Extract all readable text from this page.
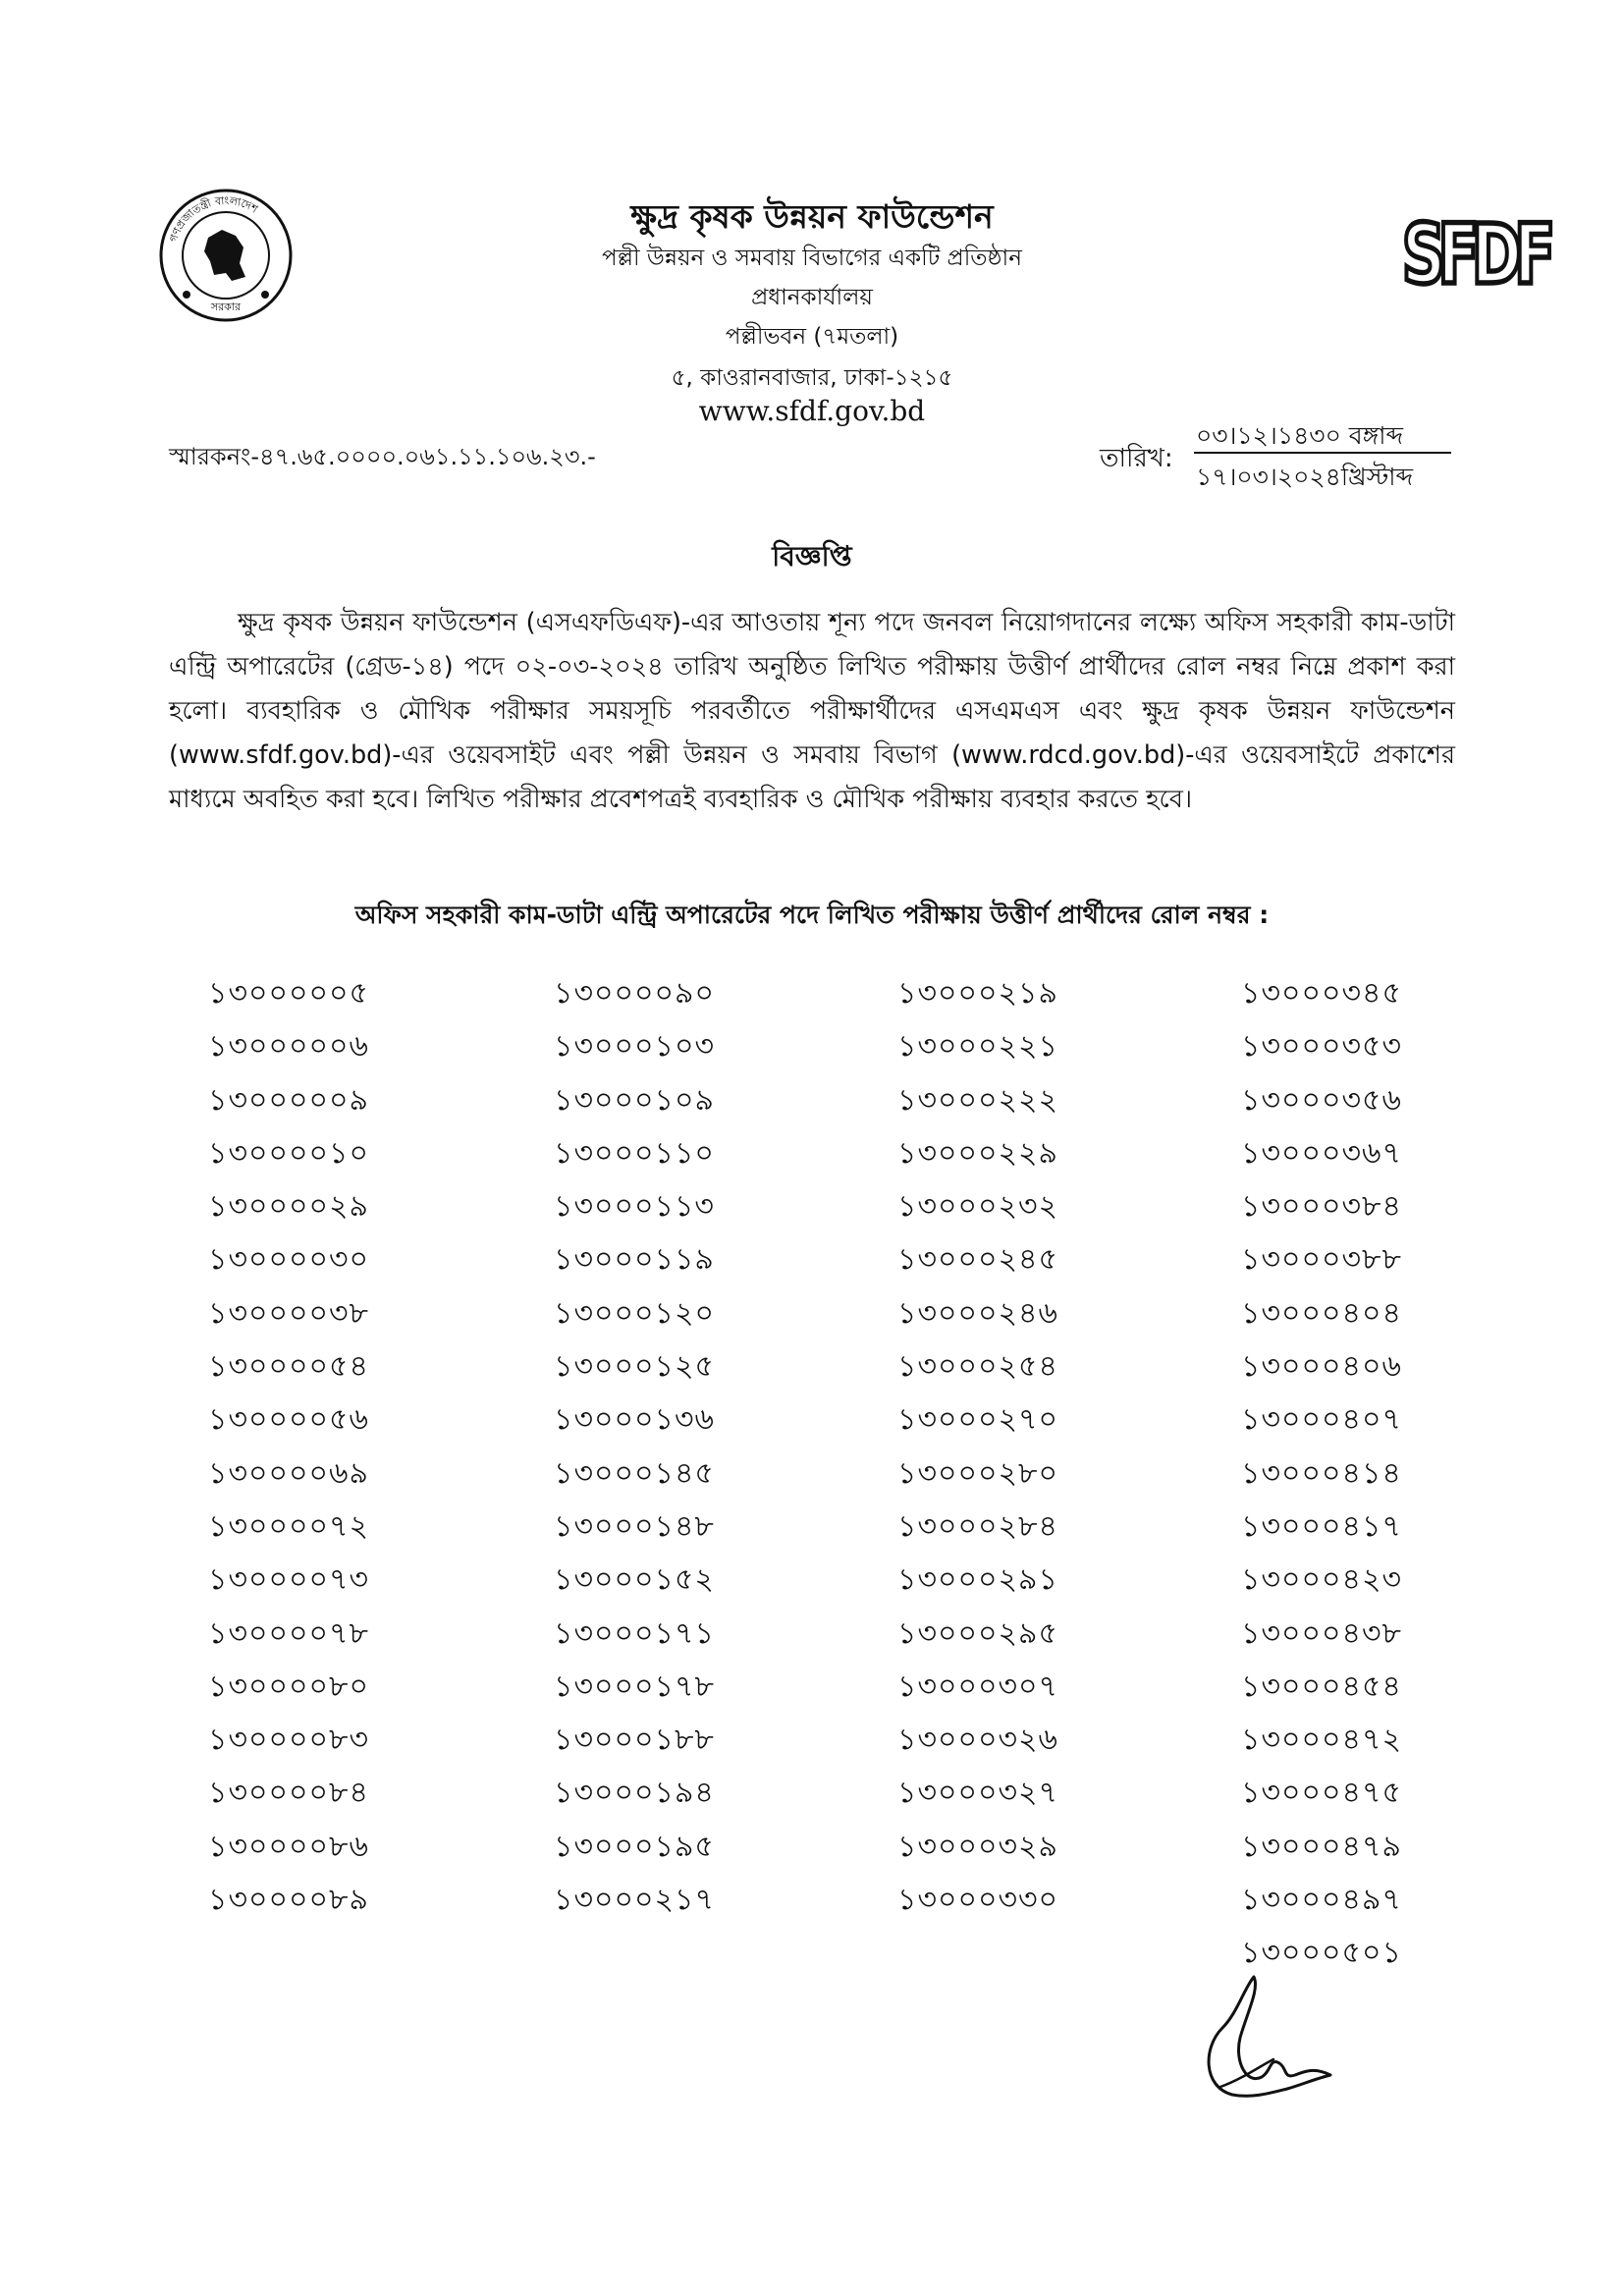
গণপ্রজাতন্ত্রী বাংলাদেশ
সরকার
SFDF
ক্ষুদ্র কৃষক উন্নয়ন ফাউন্ডেশন
পল্লী উন্নয়ন ও সমবায় বিভাগের একটি প্রতিষ্ঠান
প্রধানকার্যালয়
পল্লীভবন (৭মতলা)
৫, কাওরানবাজার, ঢাকা-১২১৫
www.sfdf.gov.bd
স্মারকনং-৪৭.৬৫.০০০০.০৬১.১১.১০৬.২৩.-	তারিখ:
০৩।১২।১৪৩০ বঙ্গাব্দ
১৭।০৩।২০২৪খ্রিস্টাব্দ
বিজ্ঞপ্তি
ক্ষুদ্র কৃষক উন্নয়ন ফাউন্ডেশন (এসএফডিএফ)-এর আওতায় শূন্য পদে জনবল নিয়োগদানের লক্ষ্যে অফিস সহকারী কাম-ডাটা এন্ট্রি অপারেটের (গ্রেড-১৪) পদে ০২-০৩-২০২৪ তারিখ অনুষ্ঠিত লিখিত পরীক্ষায় উত্তীর্ণ প্রার্থীদের রোল নম্বর নিম্নে প্রকাশ করা হলো। ব্যবহারিক ও মৌখিক পরীক্ষার সময়সূচি পরবর্তীতে পরীক্ষার্থীদের এসএমএস এবং ক্ষুদ্র কৃষক উন্নয়ন ফাউন্ডেশন (www.sfdf.gov.bd)-এর ওয়েবসাইট এবং পল্লী উন্নয়ন ও সমবায় বিভাগ (www.rdcd.gov.bd)-এর ওয়েবসাইটে প্রকাশের মাধ্যমে অবহিত করা হবে। লিখিত পরীক্ষার প্রবেশপত্রই ব্যবহারিক ও মৌখিক পরীক্ষায় ব্যবহার করতে হবে।
অফিস সহকারী কাম-ডাটা এন্ট্রি অপারেটের পদে লিখিত পরীক্ষায় উত্তীর্ণ প্রার্থীদের রোল নম্বর :
১৩০০০০০৫
১৩০০০০০৬
১৩০০০০০৯
১৩০০০০১০
১৩০০০০২৯
১৩০০০০৩০
১৩০০০০৩৮
১৩০০০০৫৪
১৩০০০০৫৬
১৩০০০০৬৯
১৩০০০০৭২
১৩০০০০৭৩
১৩০০০০৭৮
১৩০০০০৮০
১৩০০০০৮৩
১৩০০০০৮৪
১৩০০০০৮৬
১৩০০০০৮৯
১৩০০০০৯০
১৩০০০১০৩
১৩০০০১০৯
১৩০০০১১০
১৩০০০১১৩
১৩০০০১১৯
১৩০০০১২০
১৩০০০১২৫
১৩০০০১৩৬
১৩০০০১৪৫
১৩০০০১৪৮
১৩০০০১৫২
১৩০০০১৭১
১৩০০০১৭৮
১৩০০০১৮৮
১৩০০০১৯৪
১৩০০০১৯৫
১৩০০০২১৭
১৩০০০২১৯
১৩০০০২২১
১৩০০০২২২
১৩০০০২২৯
১৩০০০২৩২
১৩০০০২৪৫
১৩০০০২৪৬
১৩০০০২৫৪
১৩০০০২৭০
১৩০০০২৮০
১৩০০০২৮৪
১৩০০০২৯১
১৩০০০২৯৫
১৩০০০৩০৭
১৩০০০৩২৬
১৩০০০৩২৭
১৩০০০৩২৯
১৩০০০৩৩০
১৩০০০৩৪৫
১৩০০০৩৫৩
১৩০০০৩৫৬
১৩০০০৩৬৭
১৩০০০৩৮৪
১৩০০০৩৮৮
১৩০০০৪০৪
১৩০০০৪০৬
১৩০০০৪০৭
১৩০০০৪১৪
১৩০০০৪১৭
১৩০০০৪২৩
১৩০০০৪৩৮
১৩০০০৪৫৪
১৩০০০৪৭২
১৩০০০৪৭৫
১৩০০০৪৭৯
১৩০০০৪৯৭
১৩০০০৫০১
